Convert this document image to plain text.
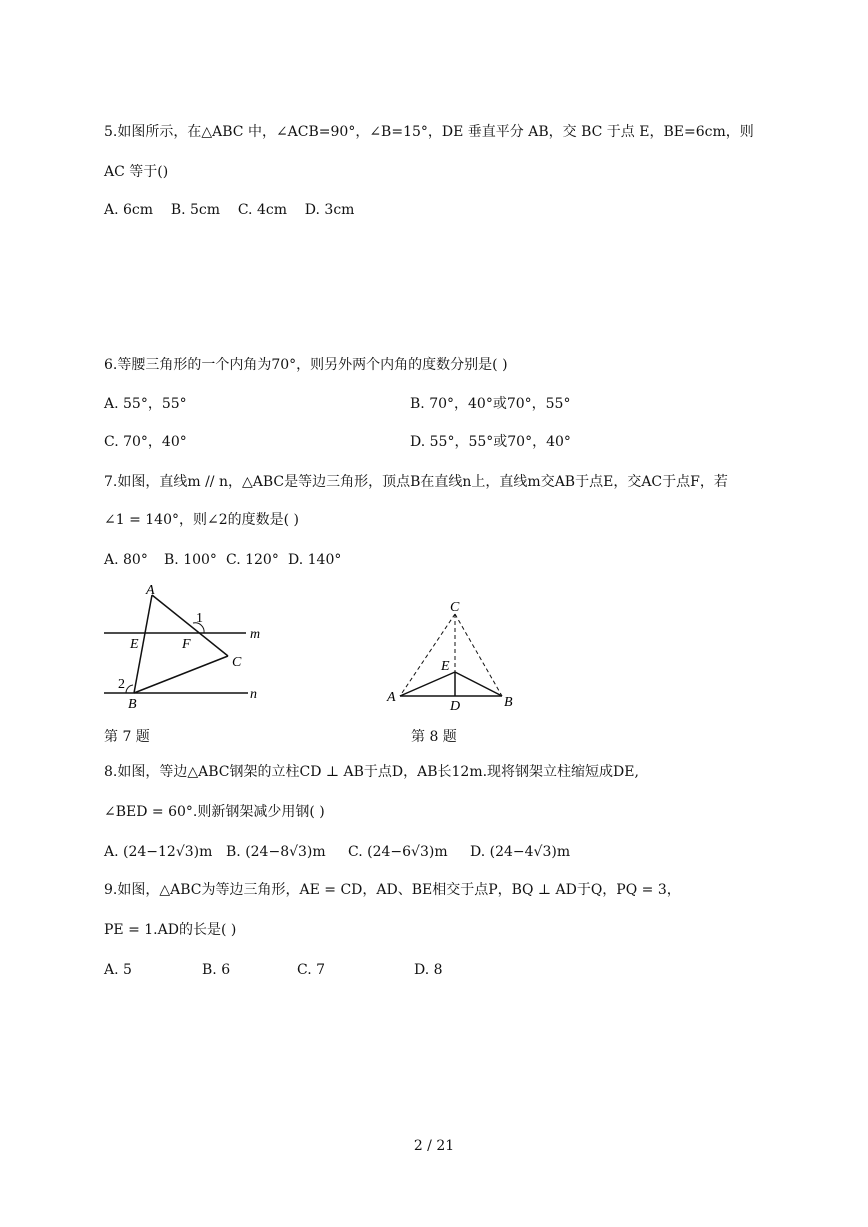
5.如图所示，在△ABC 中，∠ACB=90°，∠B=15°，DE 垂直平分 AB，交 BC 于点 E，BE=6cm，则
AC 等于()
A. 6cm    B. 5cm    C. 4cm    D. 3cm
6.等腰三角形的一个内角为70°，则另外两个内角的度数分别是( )
A. 55°，55°	B. 70°，40°或70°，55°
C. 70°，40°	D. 55°，55°或70°，40°
7.如图，直线m // n，△ABC是等边三角形，顶点B在直线n上，直线m交AB于点E，交AC于点F，若
∠1 = 140°，则∠2的度数是( )
A. 80° B. 100° C. 120° D. 140°
A
E	F
C
B
1
2
m
n
第 7 题
C
E
A
D	B
第 8 题
8.如图，等边△ABC钢架的立柱CD ⊥ AB于点D，AB长12m.现将钢架立柱缩短成DE,
∠BED = 60°.则新钢架减少用钢( )
A. (24−12√3)m B. (24−8√3)m C. (24−6√3)m D. (24−4√3)m
9.如图，△ABC为等边三角形，AE = CD，AD、BE相交于点P，BQ ⊥ AD于Q，PQ = 3，
PE = 1.AD的长是( )
A. 5	B. 6	C. 7	D. 8
2 / 21
